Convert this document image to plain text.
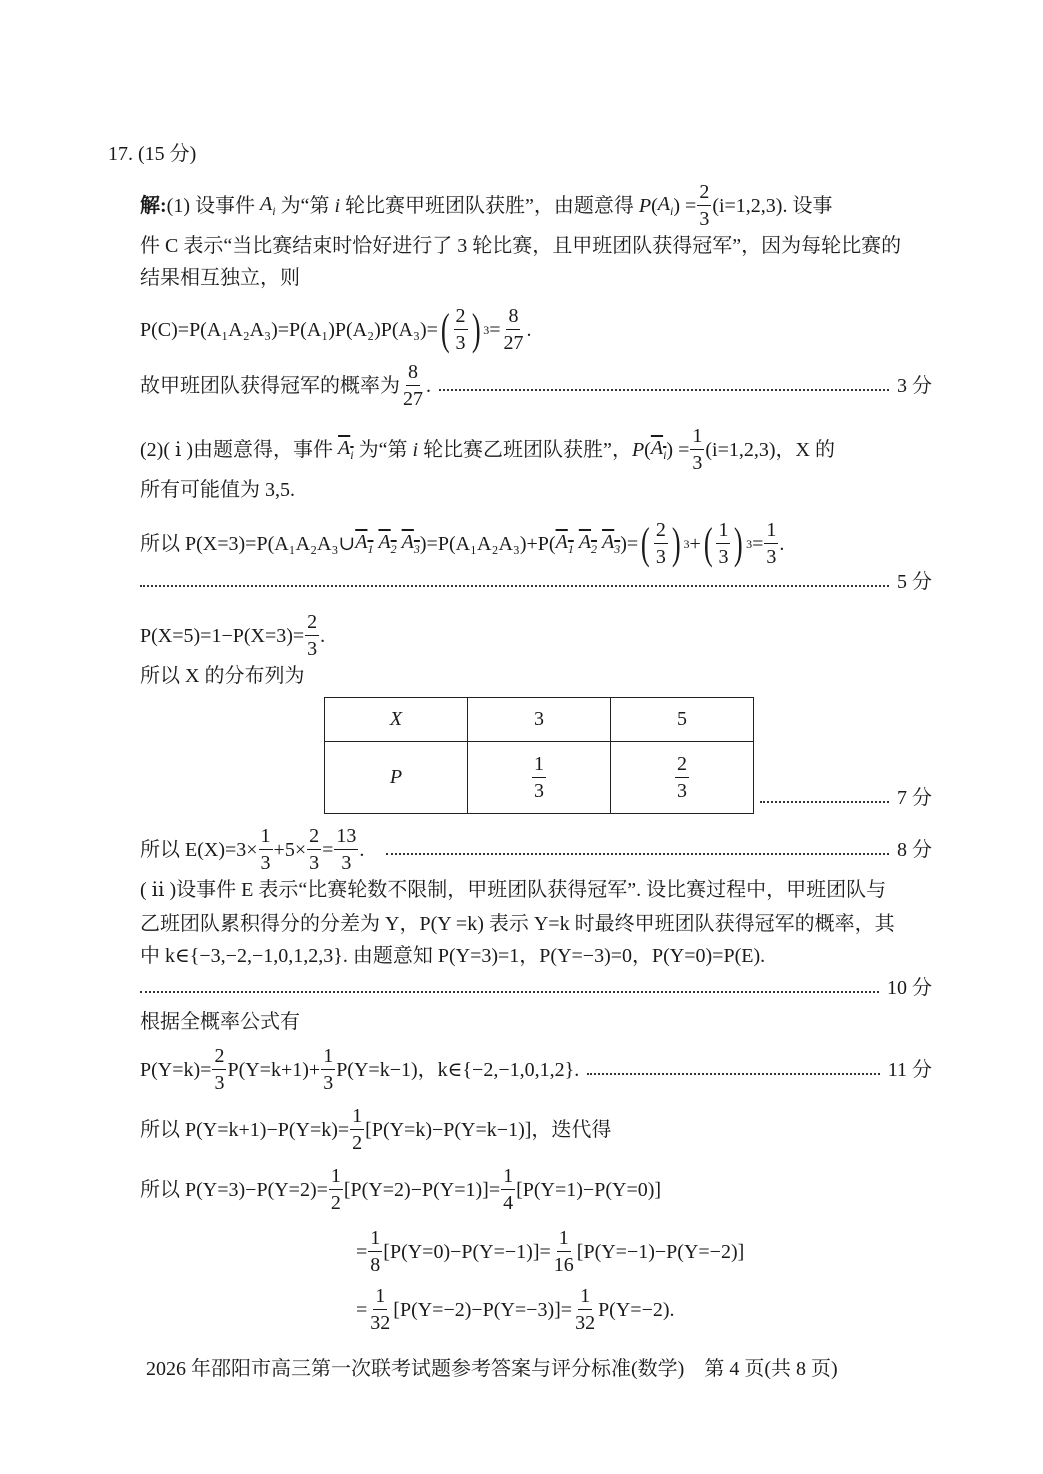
17.
(15 分)
解: (1) 设事件
$A_i$
为“第
i
轮比赛甲班团队获胜”，由题意得
P ( $A_i$ ) = $\frac{2}{3} (i=1,2,3)$. 设事
件 C 表示“当比赛结束时恰好进行了 3 轮比赛，且甲班团队获得冠军”，因为每轮比赛的
结果相互独立，则
P(C)=P(A₁A₂A₃)=P(A₁)P(A₂)P(A₃)= ( $\frac{2}{3}$ ) $3 = \frac{8}{27}$ .
故甲班团队获得冠军的概率为 $\frac{8}{27}$ .	3 分
(2)( ⅰ )由题意得，事件
$A_i$
为“第
i
轮比赛乙班团队获胜”， P ( $A_i$ ) = $\frac{1}{3} (i=1,2,3)$，X 的
所有可能值为 3,5.
所以 P(X=3)=P(A₁A₂A₃∪ $A_1$
$A_2$
$A_3$ )=P(A₁A₂A₃)+P( $A_1$
$A_2$
$A_3$ )= ( $\frac{2}{3}$ ) 3 + ( $\frac{1}{3}$ ) $3 = \frac{1}{3}$ .
5 分
$P(X=5)=1-P(X=3)= \frac{2}{3}$ .
所以 X 的分布列为
X	3	5
P	$\frac{1}{3}$	$\frac{2}{3}$	7 分
所以 $E(X)=3\times \frac{1}{3} +5\times \frac{2}{3} = \frac{13}{3}$ .	8 分
( ⅱ )设事件 E 表示“比赛轮数不限制，甲班团队获得冠军”. 设比赛过程中，甲班团队与
乙班团队累积得分的分差为 Y，P(Y =k) 表示 Y=k 时最终甲班团队获得冠军的概率，其
中 k∈{−3,−2,−1,0,1,2,3}. 由题意知 P(Y=3)=1，P(Y=−3)=0，P(Y=0)=P(E).
10 分
根据全概率公式有
$P(Y=k)= \frac{2}{3} P(Y=k+1)+ \frac{1}{3} P(Y=k-1)$，k∈{−2,−1,0,1,2}.	11 分
所以 $P(Y=k+1)-P(Y=k)= \frac{1}{2} [P(Y=k)-P(Y=k-1)]$，迭代得
所以 $P(Y=3)-P(Y=2)= \frac{1}{2} [P(Y=2)-P(Y=1)]= \frac{1}{4} [P(Y=1)-P(Y=0)]$
= $\frac{1}{8} [P(Y=0)-P(Y=-1)]= \frac{1}{16} [P(Y=-1)-P(Y=-2)]$
= $\frac{1}{32} [P(Y=-2)-P(Y=-3)]= \frac{1}{32} P(Y=-2)$.
2026 年邵阳市高三第一次联考试题参考答案与评分标准(数学)　第 4 页(共 8 页)
